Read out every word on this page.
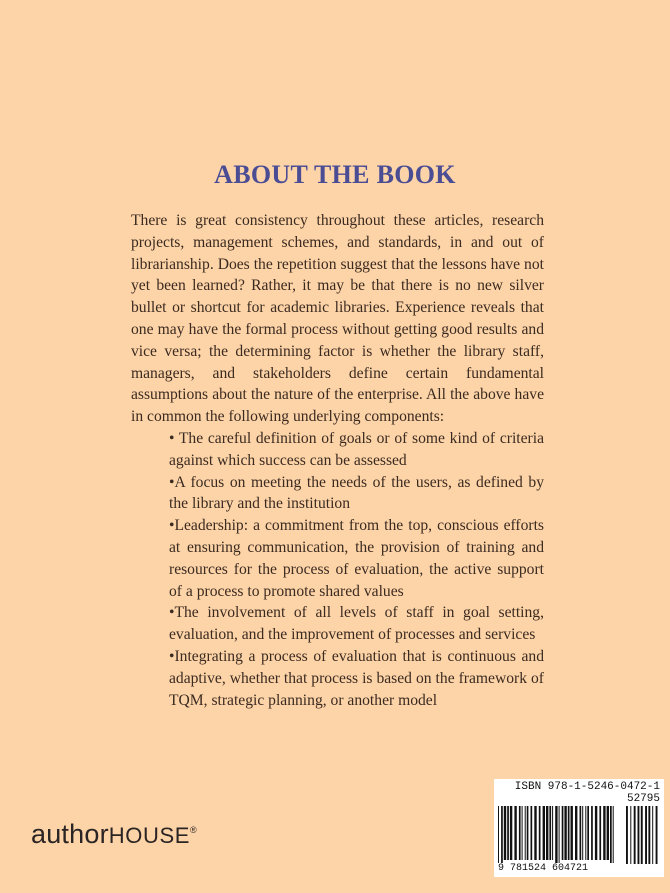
ABOUT THE BOOK

There is great consistency throughout these articles, research projects, management schemes, and standards, in and out of librarianship. Does the repetition suggest that the lessons have not yet been learned? Rather, it may be that there is no new silver bullet or shortcut for academic libraries. Experience reveals that one may have the formal process without getting good results and vice versa; the determining factor is whether the library staff, managers, and stakeholders define certain fundamental assumptions about the nature of the enterprise. All the above have in common the following underlying components:

• The careful definition of goals or of some kind of criteria against which success can be assessed
•A focus on meeting the needs of the users, as defined by the library and the institution
•Leadership: a commitment from the top, conscious efforts at ensuring communication, the provision of training and resources for the process of evaluation, the active support of a process to promote shared values
•The involvement of all levels of staff in goal setting, evaluation, and the improvement of processes and services
•Integrating a process of evaluation that is continuous and adaptive, whether that process is based on the framework of TQM, strategic planning, or another model
authorHOUSE®
ISBN 978-1-5246-0472-1
52795
9 781524 604721
